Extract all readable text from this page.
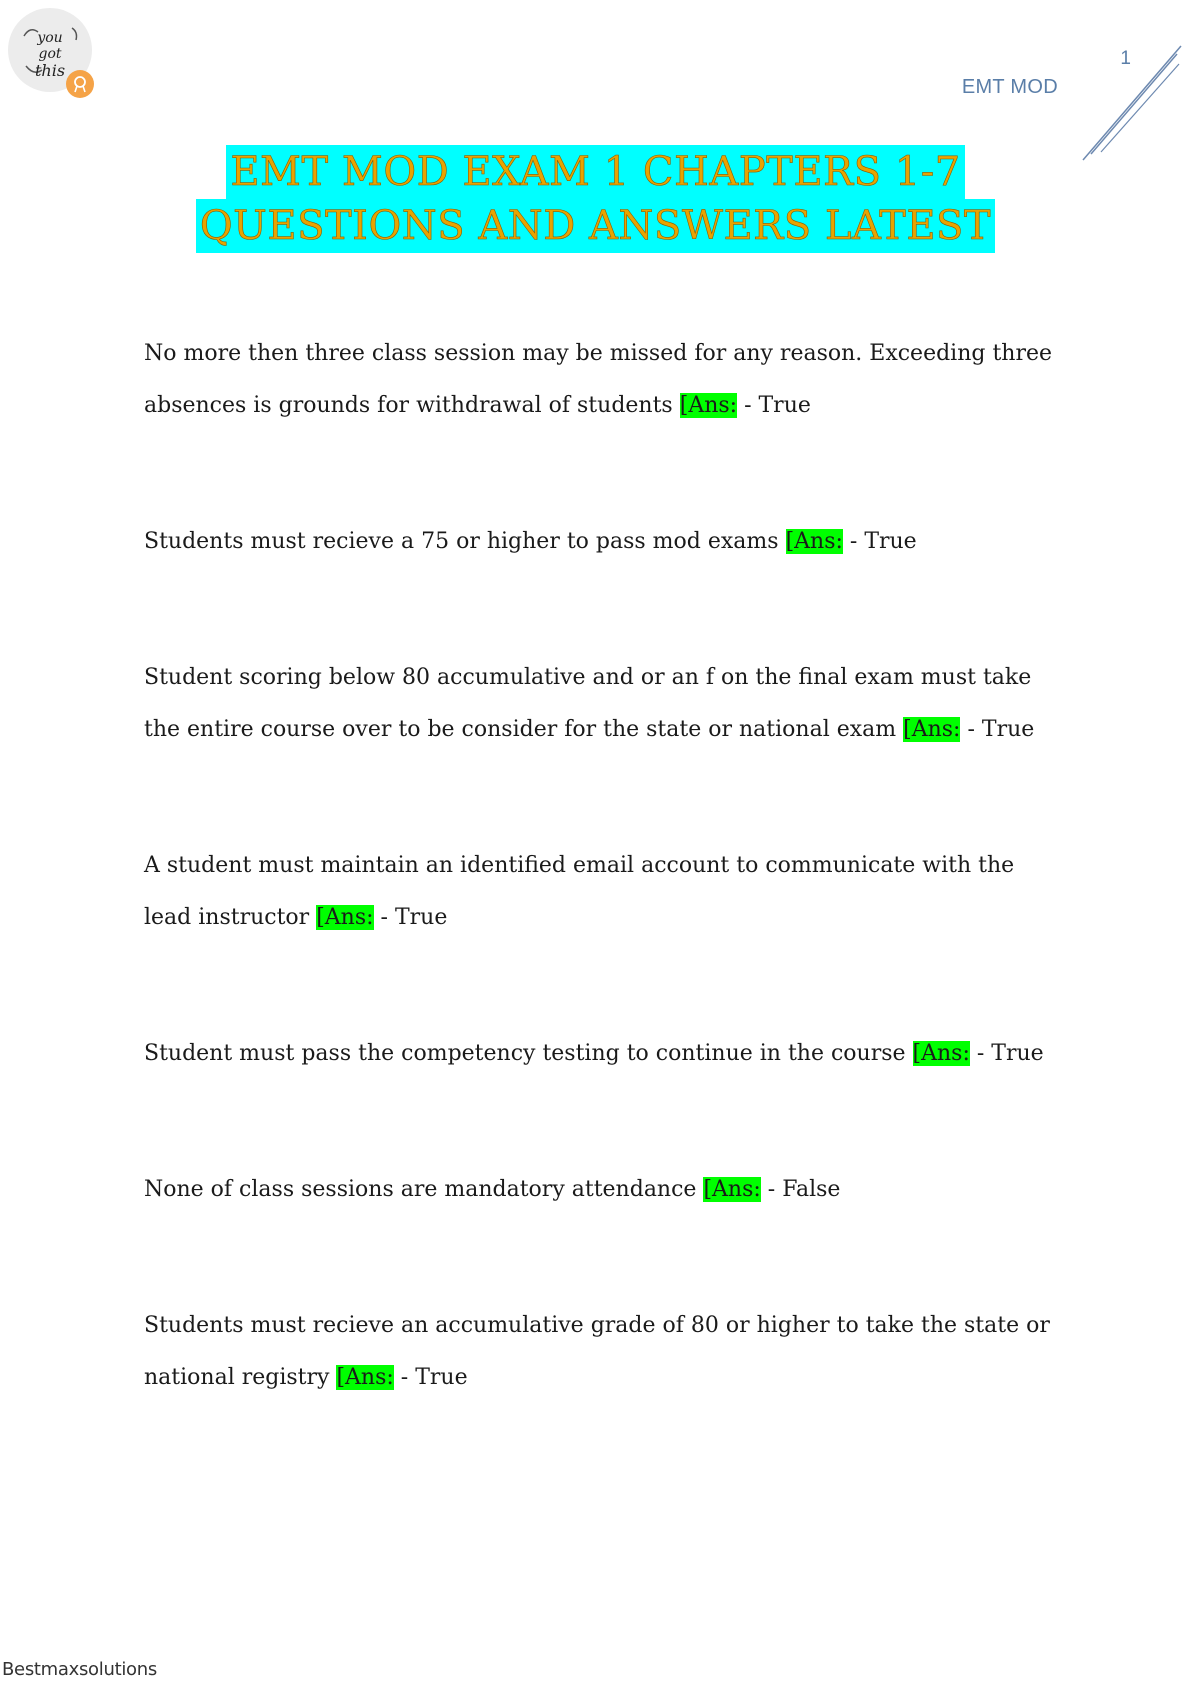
you
got
this
1
EMT MOD
EMT MOD EXAM 1 CHAPTERS 1-7
QUESTIONS AND ANSWERS LATEST

No more then three class session may be missed for any reason. Exceeding three absences is grounds for withdrawal of students [Ans: - True

Students must recieve a 75 or higher to pass mod exams [Ans: - True

Student scoring below 80 accumulative and or an f on the final exam must take the entire course over to be consider for the state or national exam [Ans: - True

A student must maintain an identified email account to communicate with the lead instructor [Ans: - True

Student must pass the competency testing to continue in the course [Ans: - True

None of class sessions are mandatory attendance [Ans: - False

Students must recieve an accumulative grade of 80 or higher to take the state or national registry [Ans: - True

Bestmaxsolutions
